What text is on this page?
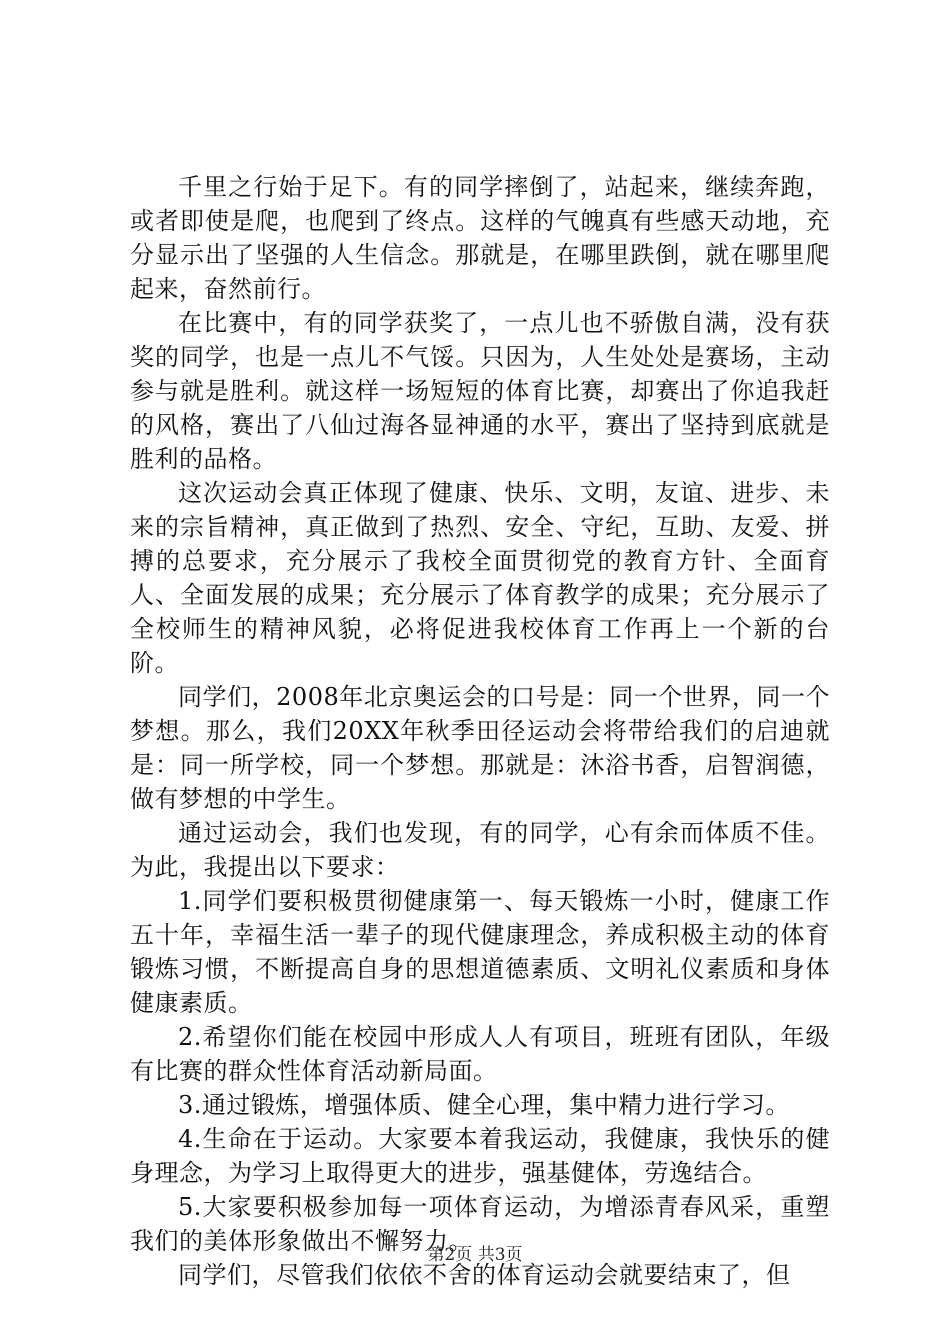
千里之行始于足下。有的同学摔倒了，站起来，继续奔跑，或者即使是爬，也爬到了终点。这样的气魄真有些感天动地，充分显示出了坚强的人生信念。那就是，在哪里跌倒，就在哪里爬起来，奋然前行。

在比赛中，有的同学获奖了，一点儿也不骄傲自满，没有获奖的同学，也是一点儿不气馁。只因为，人生处处是赛场，主动参与就是胜利。就这样一场短短的体育比赛，却赛出了你追我赶的风格，赛出了八仙过海各显神通的水平，赛出了坚持到底就是胜利的品格。

这次运动会真正体现了健康、快乐、文明，友谊、进步、未来的宗旨精神，真正做到了热烈、安全、守纪，互助、友爱、拼搏的总要求，充分展示了我校全面贯彻党的教育方针、全面育人、全面发展的成果；充分展示了体育教学的成果；充分展示了全校师生的精神风貌，必将促进我校体育工作再上一个新的台阶。

同学们，2008年北京奥运会的口号是：同一个世界，同一个梦想。那么，我们20XX年秋季田径运动会将带给我们的启迪就是：同一所学校，同一个梦想。那就是：沐浴书香，启智润德，做有梦想的中学生。

通过运动会，我们也发现，有的同学，心有余而体质不佳。为此，我提出以下要求：

1.同学们要积极贯彻健康第一、每天锻炼一小时，健康工作五十年，幸福生活一辈子的现代健康理念，养成积极主动的体育锻炼习惯，不断提高自身的思想道德素质、文明礼仪素质和身体健康素质。

2.希望你们能在校园中形成人人有项目，班班有团队，年级有比赛的群众性体育活动新局面。

3.通过锻炼，增强体质、健全心理，集中精力进行学习。

4.生命在于运动。大家要本着我运动，我健康，我快乐的健身理念，为学习上取得更大的进步，强基健体，劳逸结合。

5.大家要积极参加每一项体育运动，为增添青春风采，重塑我们的美体形象做出不懈努力。

同学们，尽管我们依依不舍的体育运动会就要结束了，但

第2页 共3页
